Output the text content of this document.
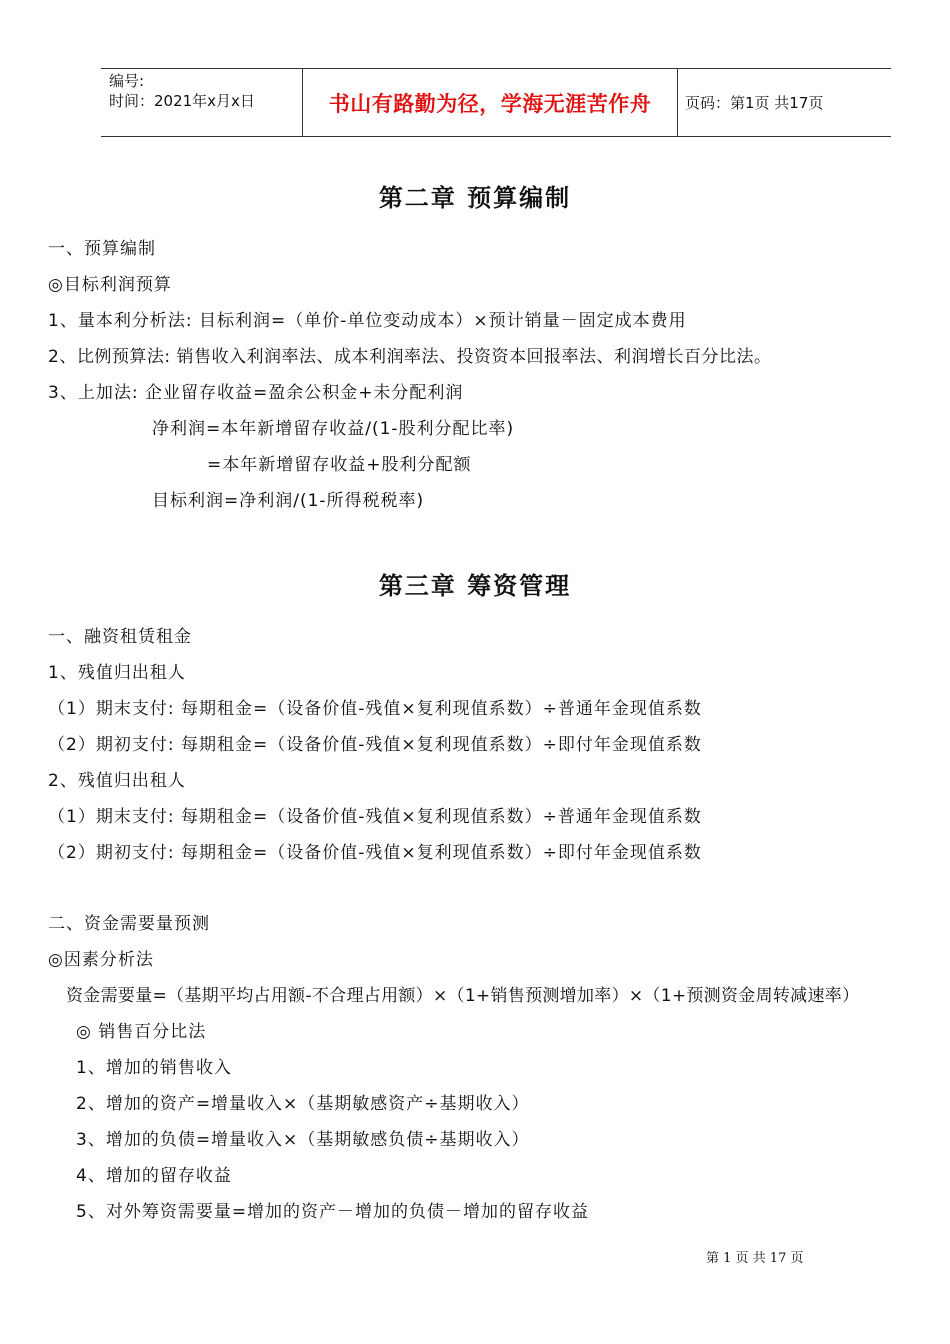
编号:
时间：2021年x月x日	书山有路勤为径，学海无涯苦作舟	页码：第1页 共17页
第二章 预算编制
一、预算编制
◎目标利润预算
1、量本利分析法: 目标利润=（单价-单位变动成本）×预计销量－固定成本费用
2、比例预算法: 销售收入利润率法、成本利润率法、投资资本回报率法、利润增长百分比法。
3、上加法: 企业留存收益=盈余公积金+未分配利润
净利润=本年新增留存收益/(1-股利分配比率)
=本年新增留存收益+股利分配额
目标利润=净利润/(1-所得税税率)
第三章 筹资管理
一、融资租赁租金
1、残值归出租人
（1）期末支付: 每期租金=（设备价值-残值×复利现值系数）÷普通年金现值系数
（2）期初支付: 每期租金=（设备价值-残值×复利现值系数）÷即付年金现值系数
2、残值归出租人
（1）期末支付: 每期租金=（设备价值-残值×复利现值系数）÷普通年金现值系数
（2）期初支付: 每期租金=（设备价值-残值×复利现值系数）÷即付年金现值系数
二、资金需要量预测
◎因素分析法
资金需要量=（基期平均占用额-不合理占用额）×（1+销售预测增加率）×（1+预测资金周转减速率）
◎ 销售百分比法
1、增加的销售收入
2、增加的资产=增量收入×（基期敏感资产÷基期收入）
3、增加的负债=增量收入×（基期敏感负债÷基期收入）
4、增加的留存收益
5、对外筹资需要量=增加的资产－增加的负债－增加的留存收益
第 1 页 共 17 页
